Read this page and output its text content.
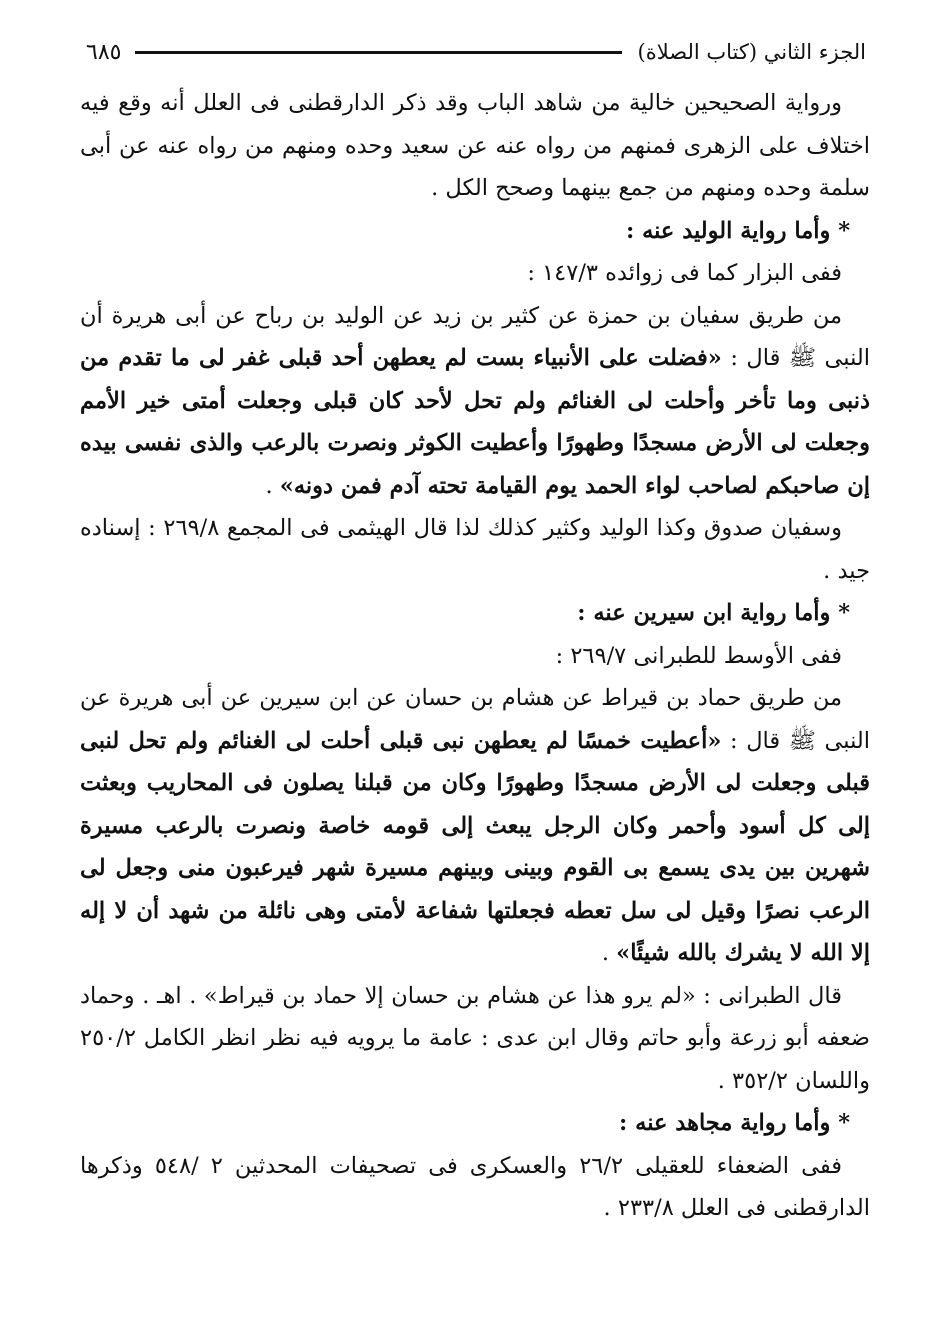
الجزء الثاني (كتاب الصلاة)
٦٨٥

ورواية الصحيحين خالية من شاهد الباب وقد ذكر الدارقطنى فى العلل أنه وقع فيه اختلاف على الزهرى فمنهم من رواه عنه عن سعيد وحده ومنهم من رواه عنه عن أبى سلمة وحده ومنهم من جمع بينهما وصحح الكل .

* وأما رواية الوليد عنه :

ففى البزار كما فى زوائده ١٤٧/٣ :

من طريق سفيان بن حمزة عن كثير بن زيد عن الوليد بن رباح عن أبى هريرة أن النبى ﷺ قال : «فضلت على الأنبياء بست لم يعطهن أحد قبلى غفر لى ما تقدم من ذنبى وما تأخر وأحلت لى الغنائم ولم تحل لأحد كان قبلى وجعلت أمتى خير الأمم وجعلت لى الأرض مسجدًا وطهورًا وأعطيت الكوثر ونصرت بالرعب والذى نفسى بيده إن صاحبكم لصاحب لواء الحمد يوم القيامة تحته آدم فمن دونه» .

وسفيان صدوق وكذا الوليد وكثير كذلك لذا قال الهيثمى فى المجمع ٢٦٩/٨ : إسناده جيد .

* وأما رواية ابن سيرين عنه :

ففى الأوسط للطبرانى ٢٦٩/٧ :

من طريق حماد بن قيراط عن هشام بن حسان عن ابن سيرين عن أبى هريرة عن النبى ﷺ قال : «أعطيت خمسًا لم يعطهن نبى قبلى أحلت لى الغنائم ولم تحل لنبى قبلى وجعلت لى الأرض مسجدًا وطهورًا وكان من قبلنا يصلون فى المحاريب وبعثت إلى كل أسود وأحمر وكان الرجل يبعث إلى قومه خاصة ونصرت بالرعب مسيرة شهرين بين يدى يسمع بى القوم وبينى وبينهم مسيرة شهر فيرعبون منى وجعل لى الرعب نصرًا وقيل لى سل تعطه فجعلتها شفاعة لأمتى وهى نائلة من شهد أن لا إله إلا الله لا يشرك بالله شيئًا» .

قال الطبرانى : «لم يرو هذا عن هشام بن حسان إلا حماد بن قيراط» . اهـ . وحماد ضعفه أبو زرعة وأبو حاتم وقال ابن عدى : عامة ما يرويه فيه نظر انظر الكامل ٢٥٠/٢ واللسان ٣٥٢/٢ .

* وأما رواية مجاهد عنه :

ففى الضعفاء للعقيلى ٢٦/٢ والعسكرى فى تصحيفات المحدثين ٢ /٥٤٨ وذكرها الدارقطنى فى العلل ٢٣٣/٨ .
